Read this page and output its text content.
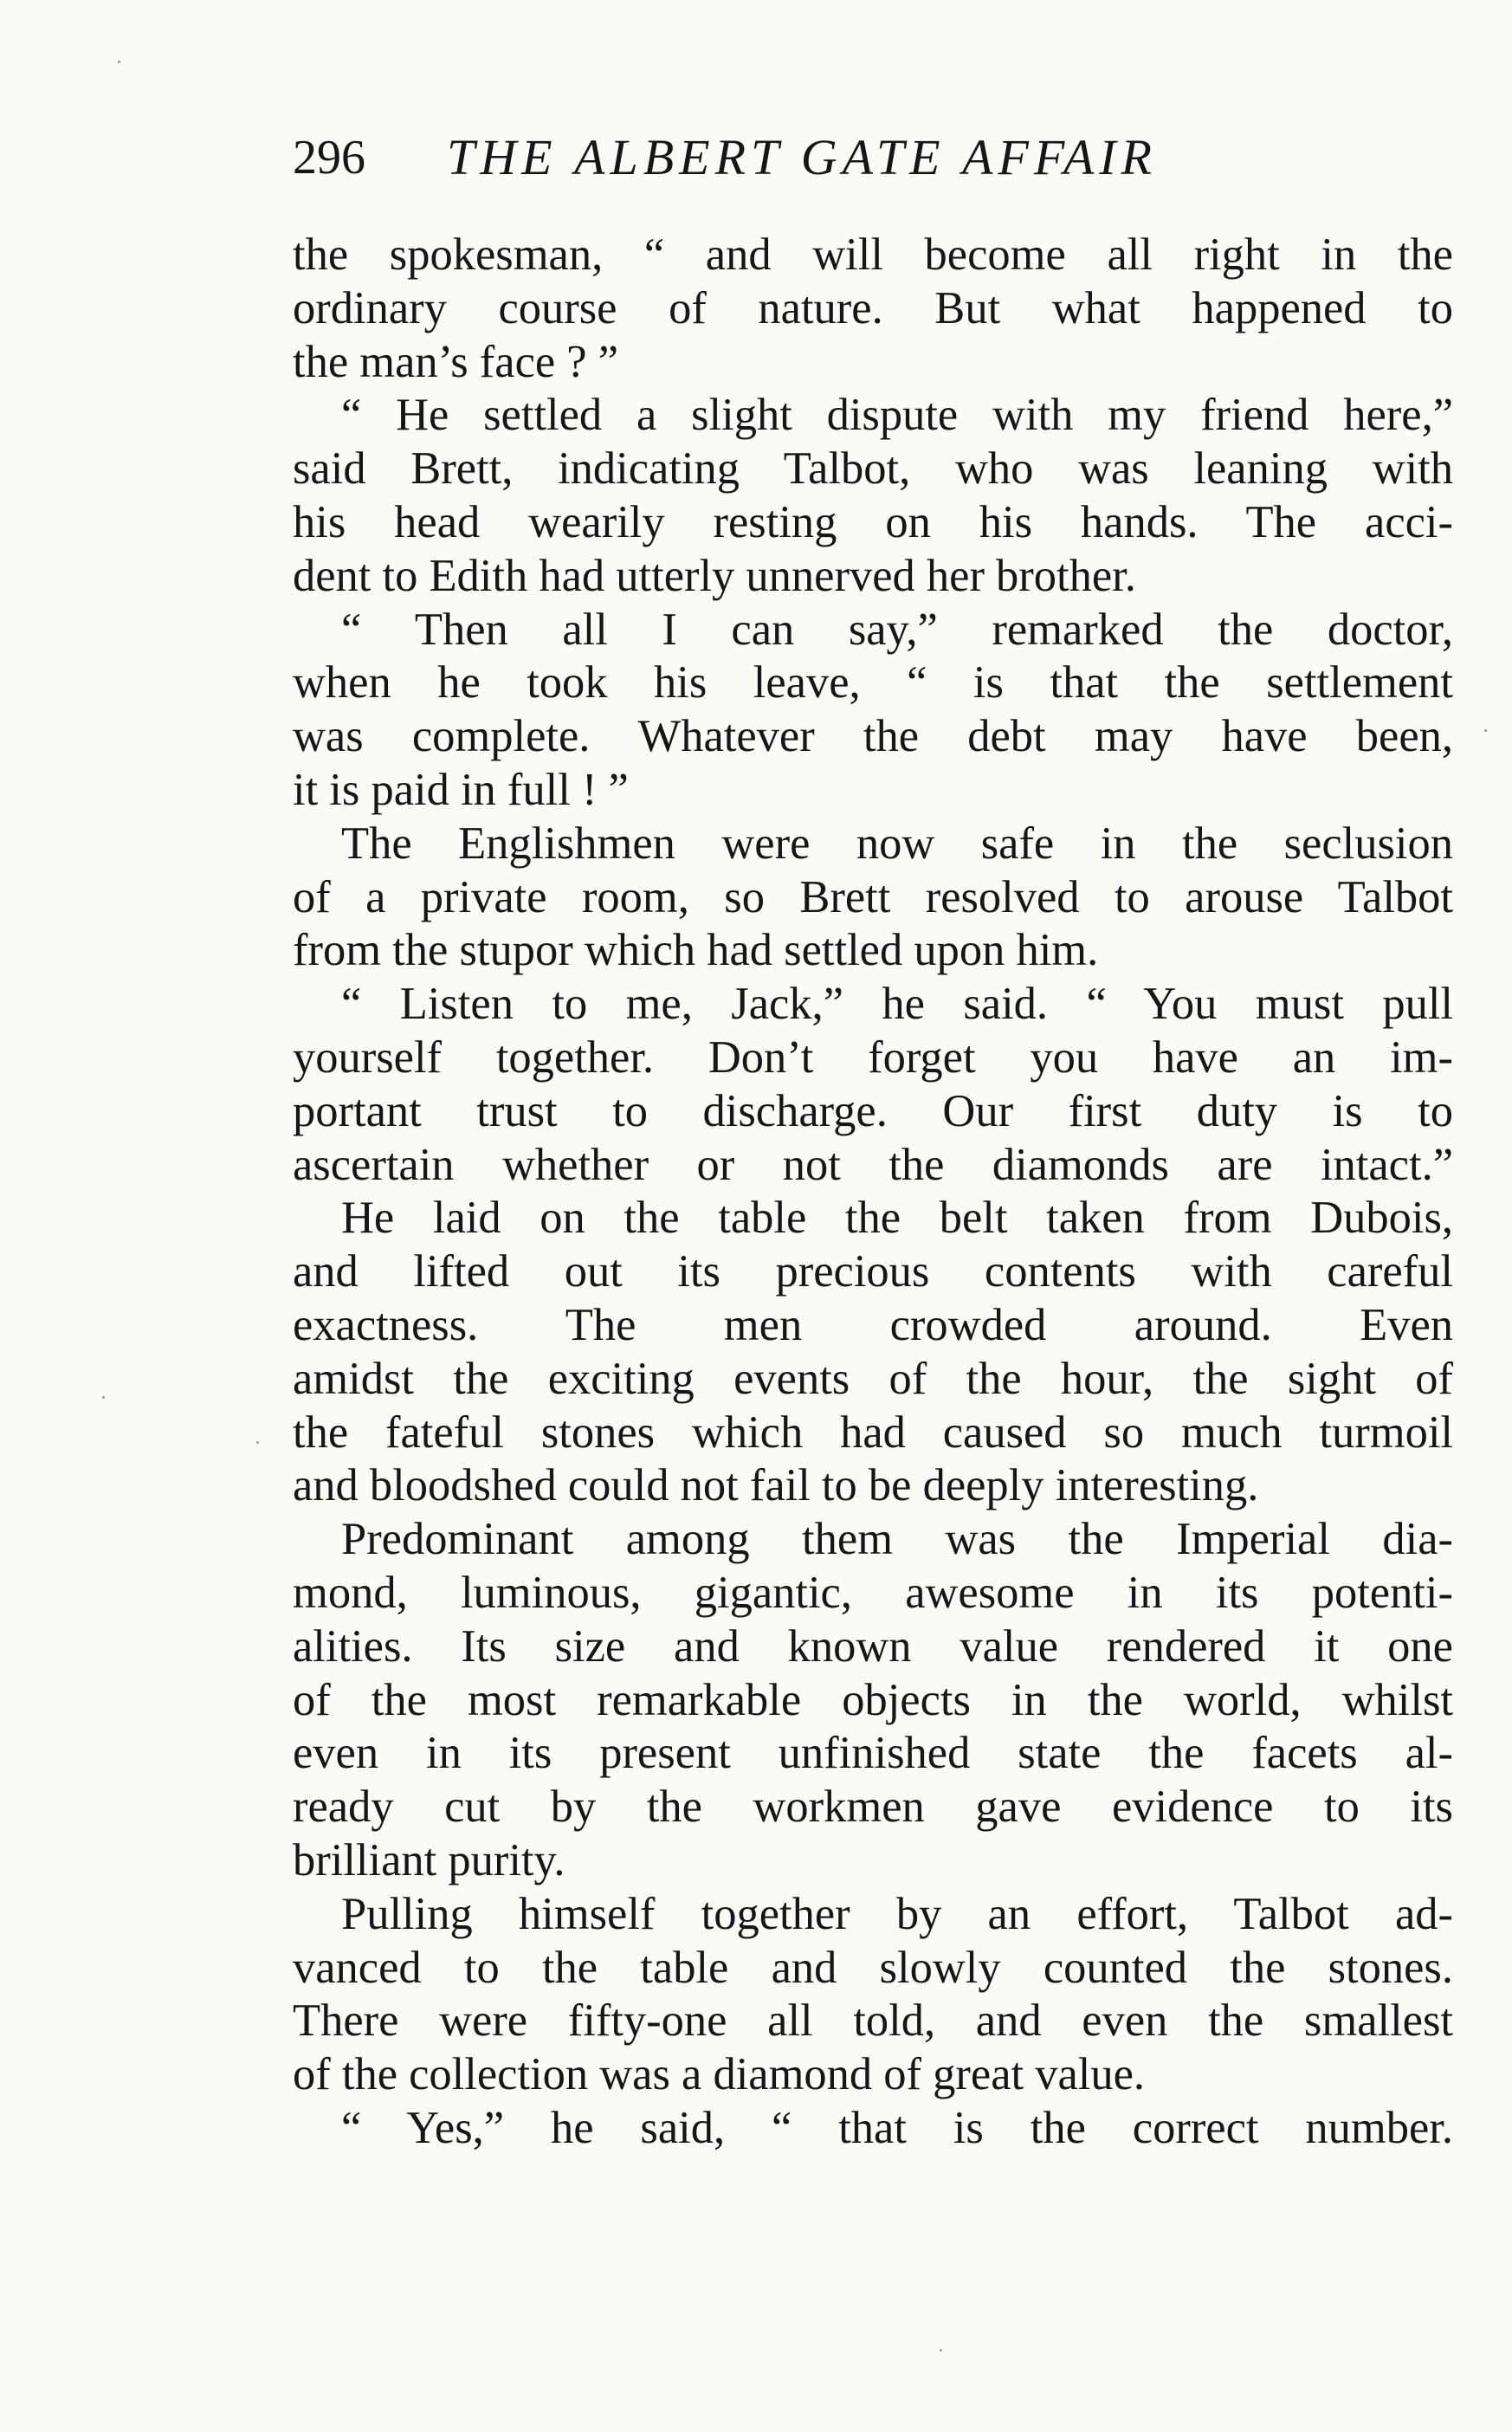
296 THE ALBERT GATE AFFAIR
the spokesman, “ and will become all right in the
ordinary course of nature. But what happened to
the man’s face ? ”
“ He settled a slight dispute with my friend here,”
said Brett, indicating Talbot, who was leaning with
his head wearily resting on his hands. The acci-
dent to Edith had utterly unnerved her brother.
“ Then all I can say,” remarked the doctor,
when he took his leave, “ is that the settlement
was complete. Whatever the debt may have been,
it is paid in full ! ”
The Englishmen were now safe in the seclusion
of a private room, so Brett resolved to arouse Talbot
from the stupor which had settled upon him.
“ Listen to me, Jack,” he said. “ You must pull
yourself together. Don’t forget you have an im-
portant trust to discharge. Our first duty is to
ascertain whether or not the diamonds are intact.”
He laid on the table the belt taken from Dubois,
and lifted out its precious contents with careful
exactness. The men crowded around. Even
amidst the exciting events of the hour, the sight of
the fateful stones which had caused so much turmoil
and bloodshed could not fail to be deeply interesting.
Predominant among them was the Imperial dia-
mond, luminous, gigantic, awesome in its potenti-
alities. Its size and known value rendered it one
of the most remarkable objects in the world, whilst
even in its present unfinished state the facets al-
ready cut by the workmen gave evidence to its
brilliant purity.
Pulling himself together by an effort, Talbot ad-
vanced to the table and slowly counted the stones.
There were fifty-one all told, and even the smallest
of the collection was a diamond of great value.
“ Yes,” he said, “ that is the correct number.
